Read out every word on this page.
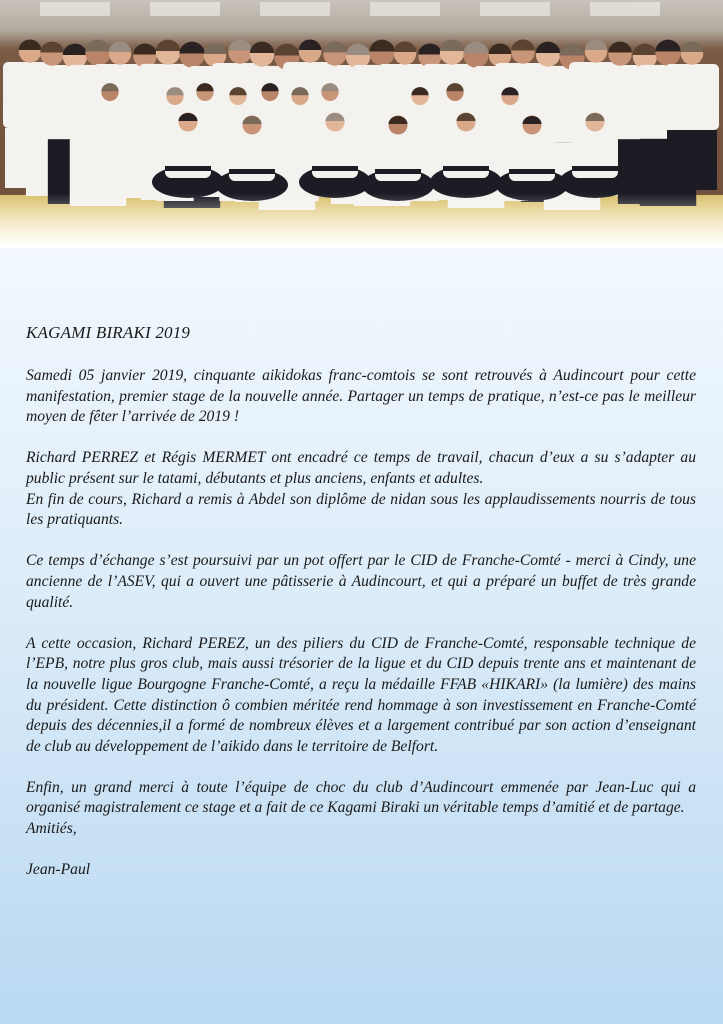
KAGAMI BIRAKI 2019

Samedi 05 janvier 2019, cinquante aikidokas franc-comtois se sont retrouvés à Audincourt pour cette manifestation, premier stage de la nouvelle année. Partager un temps de pratique, n’est-ce pas le meilleur moyen de fêter l’arrivée de 2019 !

Richard PERREZ et Régis MERMET ont encadré ce temps de travail, chacun d’eux a su s’adapter au public présent sur le tatami, débutants et plus anciens, enfants et adultes.

En fin de cours, Richard a remis à Abdel son diplôme de nidan sous les applaudissements nourris de tous les pratiquants.

Ce temps d’échange s’est poursuivi par un pot offert par le CID de Franche-Comté - merci à Cindy, une ancienne de l’ASEV, qui a ouvert une pâtisserie à Audincourt, et qui a préparé un buffet de très grande qualité.

A cette occasion, Richard PEREZ, un des piliers du CID de Franche-Comté, responsable technique de l’EPB, notre plus gros club, mais aussi trésorier de la ligue et du CID depuis trente ans et maintenant de la nouvelle ligue Bourgogne Franche-Comté, a reçu la médaille FFAB «HIKARI» (la lumière) des mains du président. Cette distinction ô combien méritée rend hommage à son investissement en Franche-Comté depuis des décennies,il a formé de nombreux élèves et a largement contribué par son action d’enseignant de club au développement de l’aikido dans le territoire de Belfort.

Enfin, un grand merci à toute l’équipe de choc du club d’Audincourt emmenée par Jean-Luc qui a organisé magistralement ce stage et a fait de ce Kagami Biraki un véritable temps d’amitié et de partage.

Amitiés,

Jean-Paul
